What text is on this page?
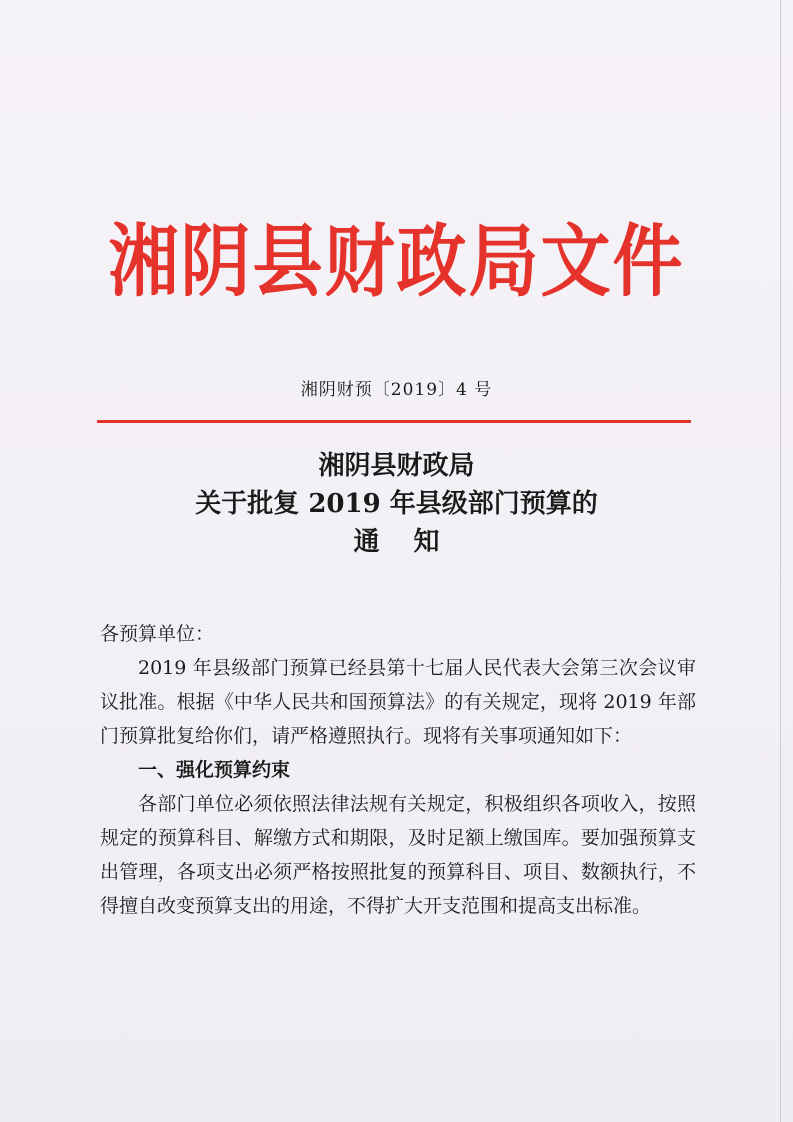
湘阴县财政局文件
湘阴财预〔2019〕4 号
湘阴县财政局
关于批复 2019 年县级部门预算的
通知

各预算单位：

2019 年县级部门预算已经县第十七届人民代表大会第三次会议审议批准。根据《中华人民共和国预算法》的有关规定，现将 2019 年部门预算批复给你们，请严格遵照执行。现将有关事项通知如下：

一、强化预算约束

各部门单位必须依照法律法规有关规定，积极组织各项收入，按照规定的预算科目、解缴方式和期限，及时足额上缴国库。要加强预算支出管理，各项支出必须严格按照批复的预算科目、项目、数额执行，不得擅自改变预算支出的用途，不得扩大开支范围和提高支出标准。
